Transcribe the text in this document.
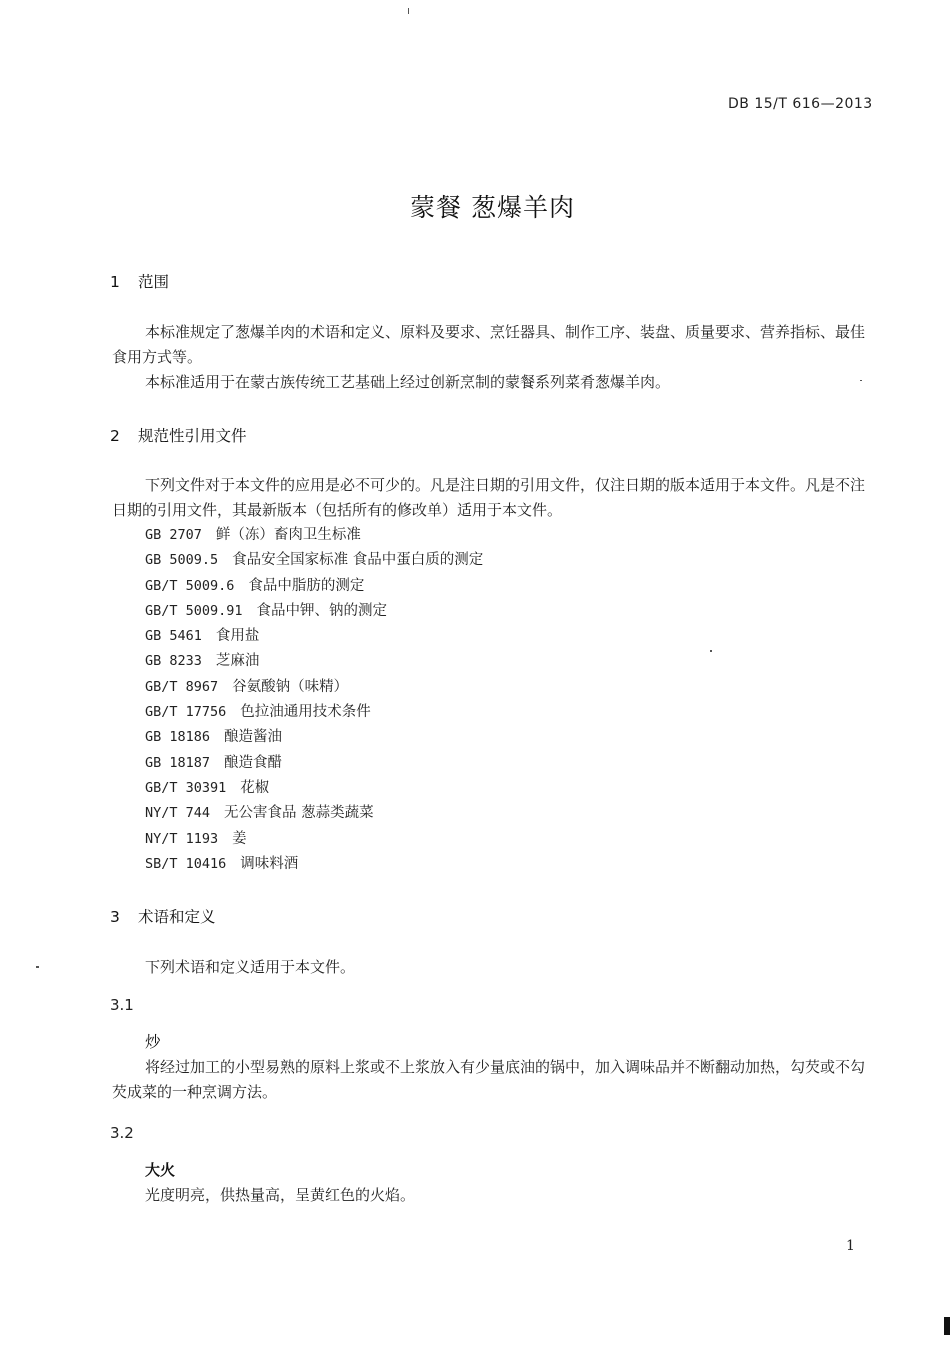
DB 15/T 616—2013
蒙餐 葱爆羊肉
1 范围
本标准规定了葱爆羊肉的术语和定义、原料及要求、烹饪器具、制作工序、装盘、质量要求、营养指标、最佳食用方式等。
本标准适用于在蒙古族传统工艺基础上经过创新烹制的蒙餐系列菜肴葱爆羊肉。
2 规范性引用文件
下列文件对于本文件的应用是必不可少的。凡是注日期的引用文件，仅注日期的版本适用于本文件。凡是不注日期的引用文件，其最新版本（包括所有的修改单）适用于本文件。
GB 2707 鲜（冻）畜肉卫生标准
GB 5009.5 食品安全国家标准 食品中蛋白质的测定
GB/T 5009.6 食品中脂肪的测定
GB/T 5009.91 食品中钾、钠的测定
GB 5461 食用盐
GB 8233 芝麻油
GB/T 8967 谷氨酸钠（味精）
GB/T 17756 色拉油通用技术条件
GB 18186 酿造酱油
GB 18187 酿造食醋
GB/T 30391 花椒
NY/T 744 无公害食品 葱蒜类蔬菜
NY/T 1193 姜
SB/T 10416 调味料酒
3 术语和定义
下列术语和定义适用于本文件。
3.1
炒
将经过加工的小型易熟的原料上浆或不上浆放入有少量底油的锅中，加入调味品并不断翻动加热，勾芡或不勾芡成菜的一种烹调方法。
3.2
大火
光度明亮，供热量高，呈黄红色的火焰。
1
